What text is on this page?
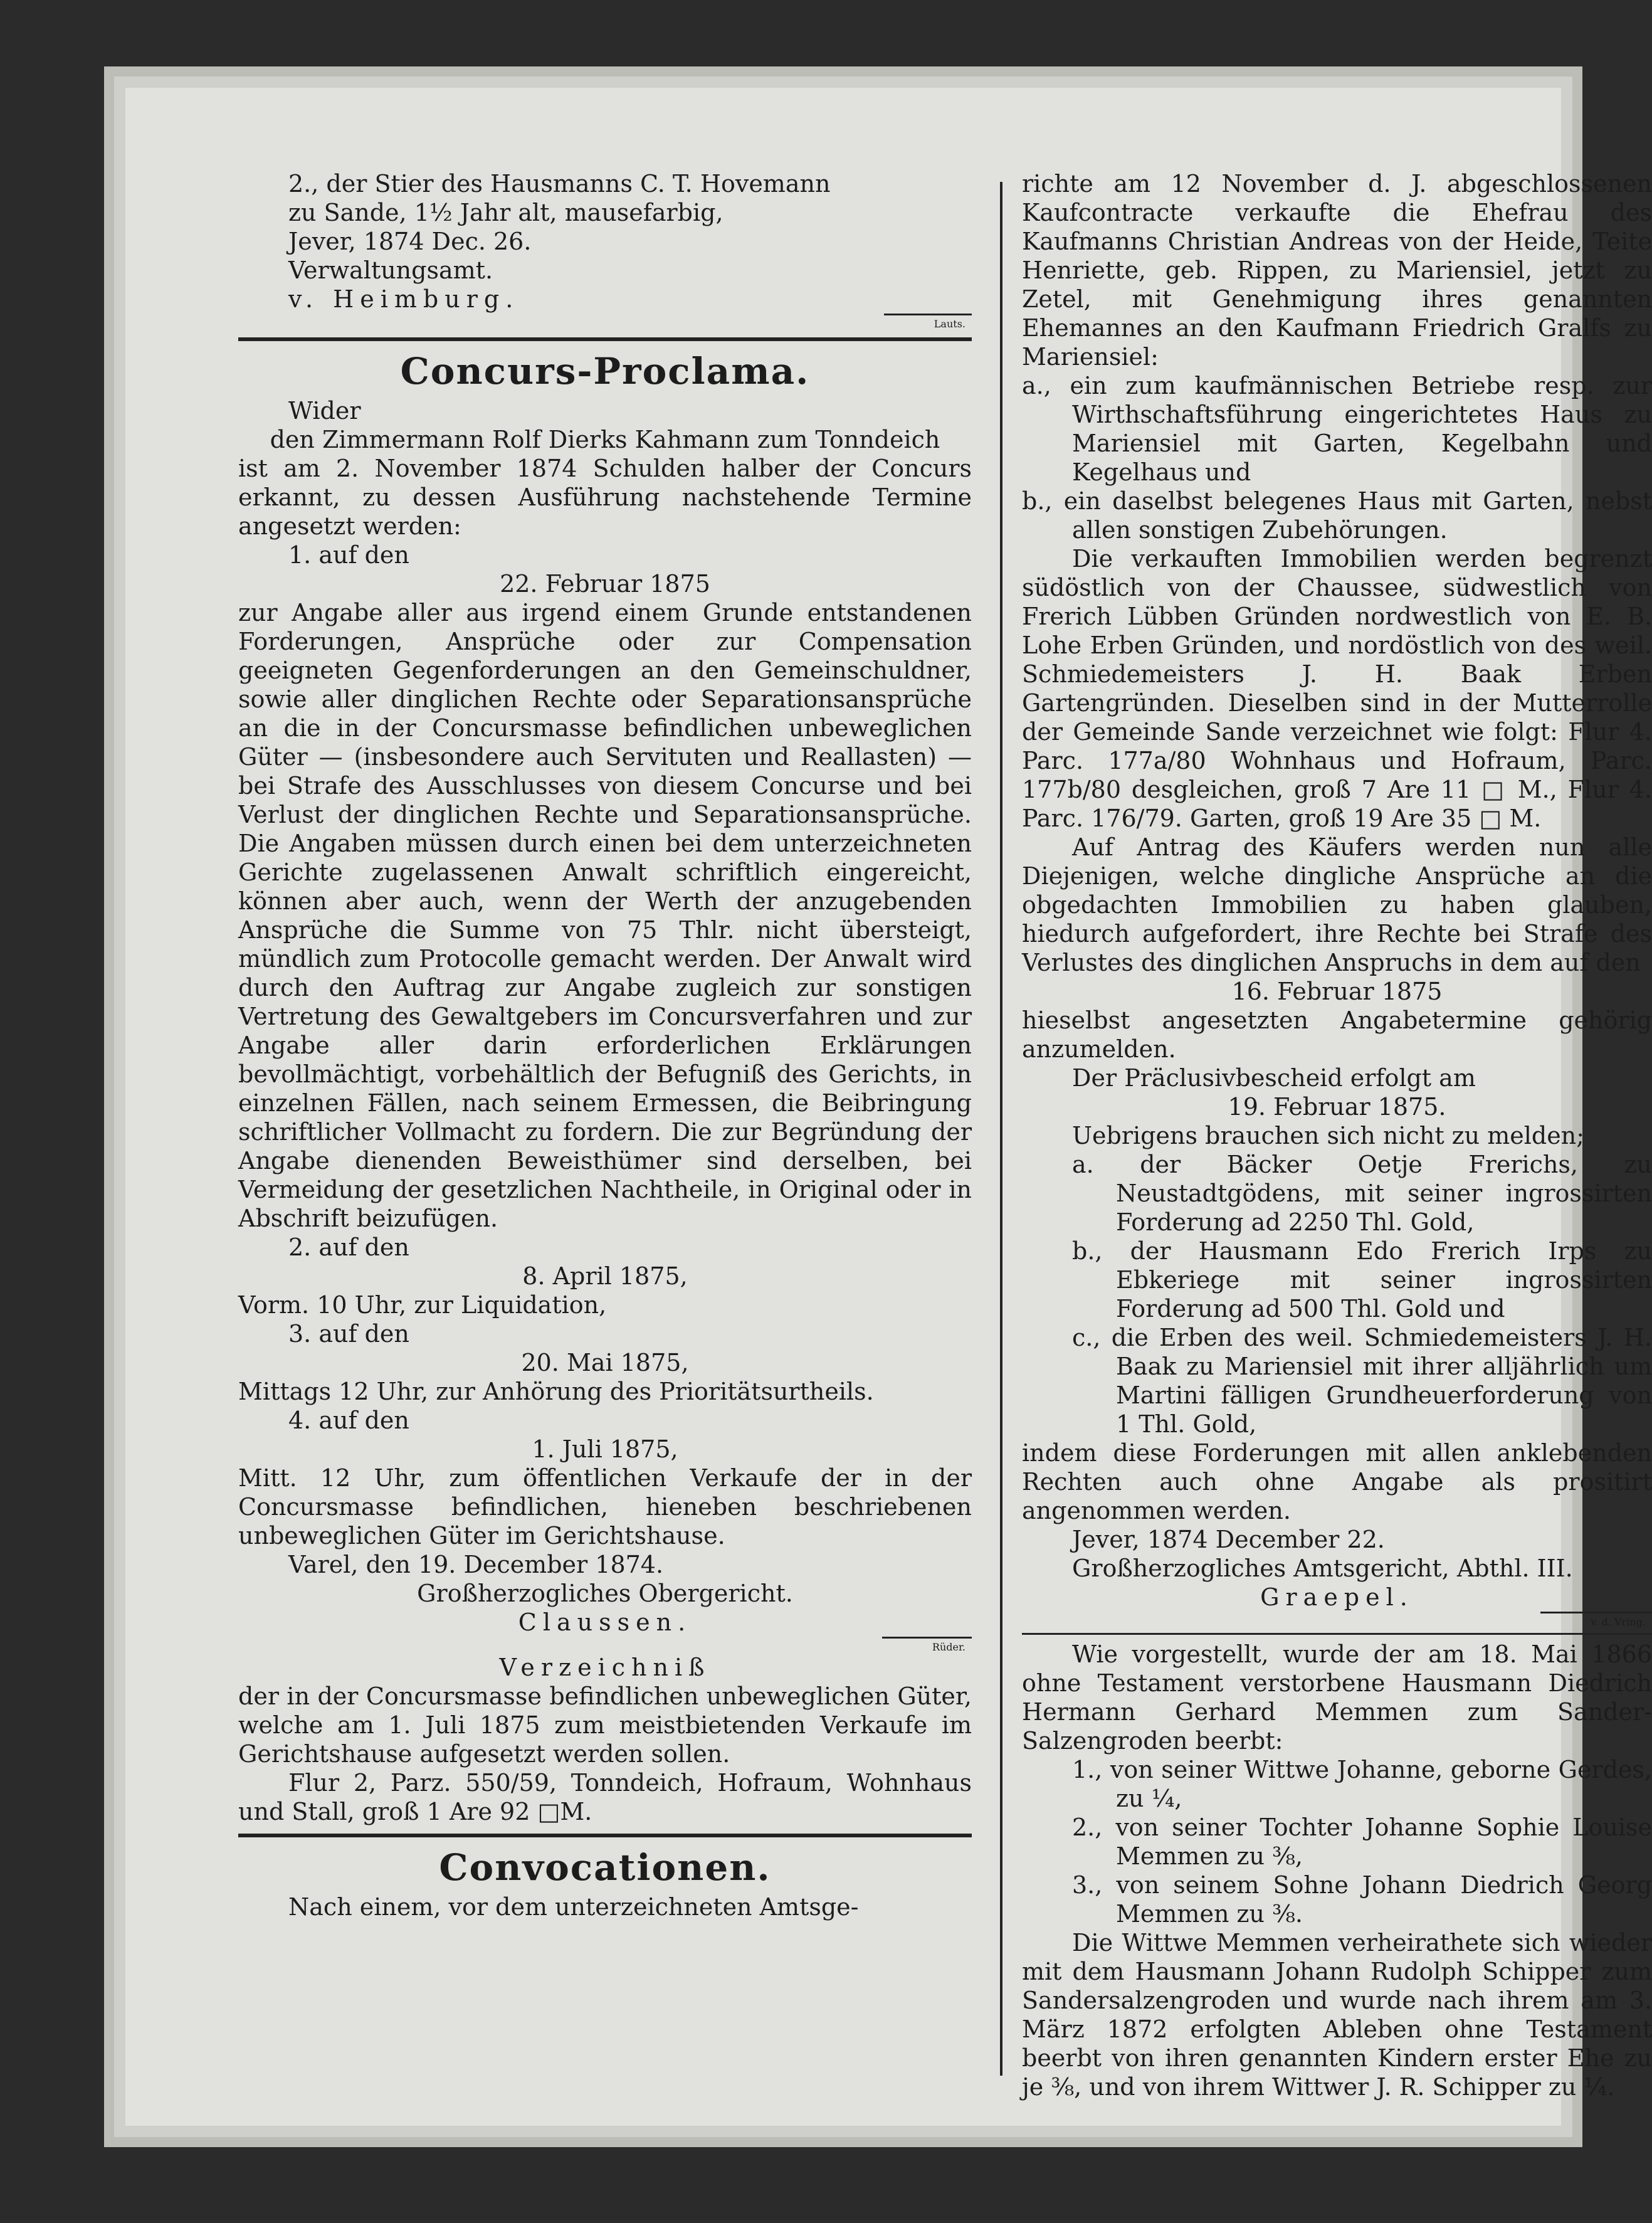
2., der Stier des Hausmanns C. T. Hovemann

zu Sande, 1½ Jahr alt, mausefarbig,

Jever, 1874 Dec. 26.

Verwaltungsamt.

v. Heimburg.

Lauts.
Concurs-Proclama.

Wider

den Zimmermann Rolf Dierks Kahmann zum Tonndeich

ist am 2. November 1874 Schulden halber der Concurs erkannt, zu dessen Ausführung nachstehende Termine angesetzt werden:

1. auf den

22. Februar 1875

zur Angabe aller aus irgend einem Grunde entstandenen Forderungen, Ansprüche oder zur Compensation geeigneten Gegenforderungen an den Gemeinschuldner, sowie aller dinglichen Rechte oder Separationsansprüche an die in der Concursmasse befindlichen unbeweglichen Güter — (insbesondere auch Servituten und Reallasten) — bei Strafe des Ausschlusses von diesem Concurse und bei Verlust der dinglichen Rechte und Separationsansprüche. Die Angaben müssen durch einen bei dem unterzeichneten Gerichte zugelassenen Anwalt schriftlich eingereicht, können aber auch, wenn der Werth der anzugebenden Ansprüche die Summe von 75 Thlr. nicht übersteigt, mündlich zum Protocolle gemacht werden. Der Anwalt wird durch den Auftrag zur Angabe zugleich zur sonstigen Vertretung des Gewaltgebers im Concursverfahren und zur Angabe aller darin erforderlichen Erklärungen bevollmächtigt, vorbehältlich der Befugniß des Gerichts, in einzelnen Fällen, nach seinem Ermessen, die Beibringung schriftlicher Vollmacht zu fordern. Die zur Begründung der Angabe dienenden Beweisthümer sind derselben, bei Vermeidung der gesetzlichen Nachtheile, in Original oder in Abschrift beizufügen.

2. auf den

8. April 1875,

Vorm. 10 Uhr, zur Liquidation,

3. auf den

20. Mai 1875,

Mittags 12 Uhr, zur Anhörung des Prioritätsurtheils.

4. auf den

1. Juli 1875,

Mitt. 12 Uhr, zum öffentlichen Verkaufe der in der Concursmasse befindlichen, hieneben beschriebenen unbeweglichen Güter im Gerichtshause.

Varel, den 19. December 1874.

Großherzogliches Obergericht.

Claussen.

Rüder.

Verzeichniß

der in der Concursmasse befindlichen unbeweglichen Güter, welche am 1. Juli 1875 zum meistbietenden Verkaufe im Gerichtshause aufgesetzt werden sollen.

Flur 2, Parz. 550/59, Tonndeich, Hofraum, Wohnhaus und Stall, groß 1 Are 92 □M.

Convocationen.

Nach einem, vor dem unterzeichneten Amtsge-

richte am 12 November d. J. abgeschlossenen Kaufcontracte verkaufte die Ehefrau des Kaufmanns Christian Andreas von der Heide, Teite Henriette, geb. Rippen, zu Mariensiel, jetzt zu Zetel, mit Genehmigung ihres genannten Ehemannes an den Kaufmann Friedrich Gralfs zu Mariensiel:

a., ein zum kaufmännischen Betriebe resp. zur Wirthschaftsführung eingerichtetes Haus zu Mariensiel mit Garten, Kegelbahn und Kegelhaus und

b., ein daselbst belegenes Haus mit Garten, nebst allen sonstigen Zubehörungen.

Die verkauften Immobilien werden begrenzt südöstlich von der Chaussee, südwestlich von Frerich Lübben Gründen nordwestlich von E. B. Lohe Erben Gründen, und nordöstlich von des weil. Schmiedemeisters J. H. Baak Erben Gartengründen. Dieselben sind in der Mutterrolle der Gemeinde Sande verzeichnet wie folgt: Flur 4. Parc. 177a/80 Wohnhaus und Hofraum, Parc. 177b/80 desgleichen, groß 7 Are 11 □ M., Flur 4. Parc. 176/79. Garten, groß 19 Are 35 □ M.

Auf Antrag des Käufers werden nun alle Diejenigen, welche dingliche Ansprüche an die obgedachten Immobilien zu haben glauben, hiedurch aufgefordert, ihre Rechte bei Strafe des Verlustes des dinglichen Anspruchs in dem auf den

16. Februar 1875

hieselbst angesetzten Angabetermine gehörig anzumelden.

Der Präclusivbescheid erfolgt am

19. Februar 1875.

Uebrigens brauchen sich nicht zu melden;

a. der Bäcker Oetje Frerichs, zu Neustadtgödens, mit seiner ingrossirten Forderung ad 2250 Thl. Gold,

b., der Hausmann Edo Frerich Irps zu Ebkeriege mit seiner ingrossirten Forderung ad 500 Thl. Gold und

c., die Erben des weil. Schmiedemeisters J. H. Baak zu Mariensiel mit ihrer alljährlich um Martini fälligen Grundheuerforderung von 1 Thl. Gold,

indem diese Forderungen mit allen anklebenden Rechten auch ohne Angabe als prositirt angenommen werden.

Jever, 1874 December 22.

Großherzogliches Amtsgericht, Abthl. III.

Graepel.

v. d. Vring.

Wie vorgestellt, wurde der am 18. Mai 1866 ohne Testament verstorbene Hausmann Diedrich Hermann Gerhard Memmen zum Sander-Salzengroden beerbt:

1., von seiner Wittwe Johanne, geborne Gerdes, zu ¼,

2., von seiner Tochter Johanne Sophie Louise Memmen zu ⅜,

3., von seinem Sohne Johann Diedrich Georg Memmen zu ⅜.

Die Wittwe Memmen verheirathete sich wieder mit dem Hausmann Johann Rudolph Schipper zum Sandersalzengroden und wurde nach ihrem am 3. März 1872 erfolgten Ableben ohne Testament beerbt von ihren genannten Kindern erster Ehe zu je ⅜, und von ihrem Wittwer J. R. Schipper zu ¼.
